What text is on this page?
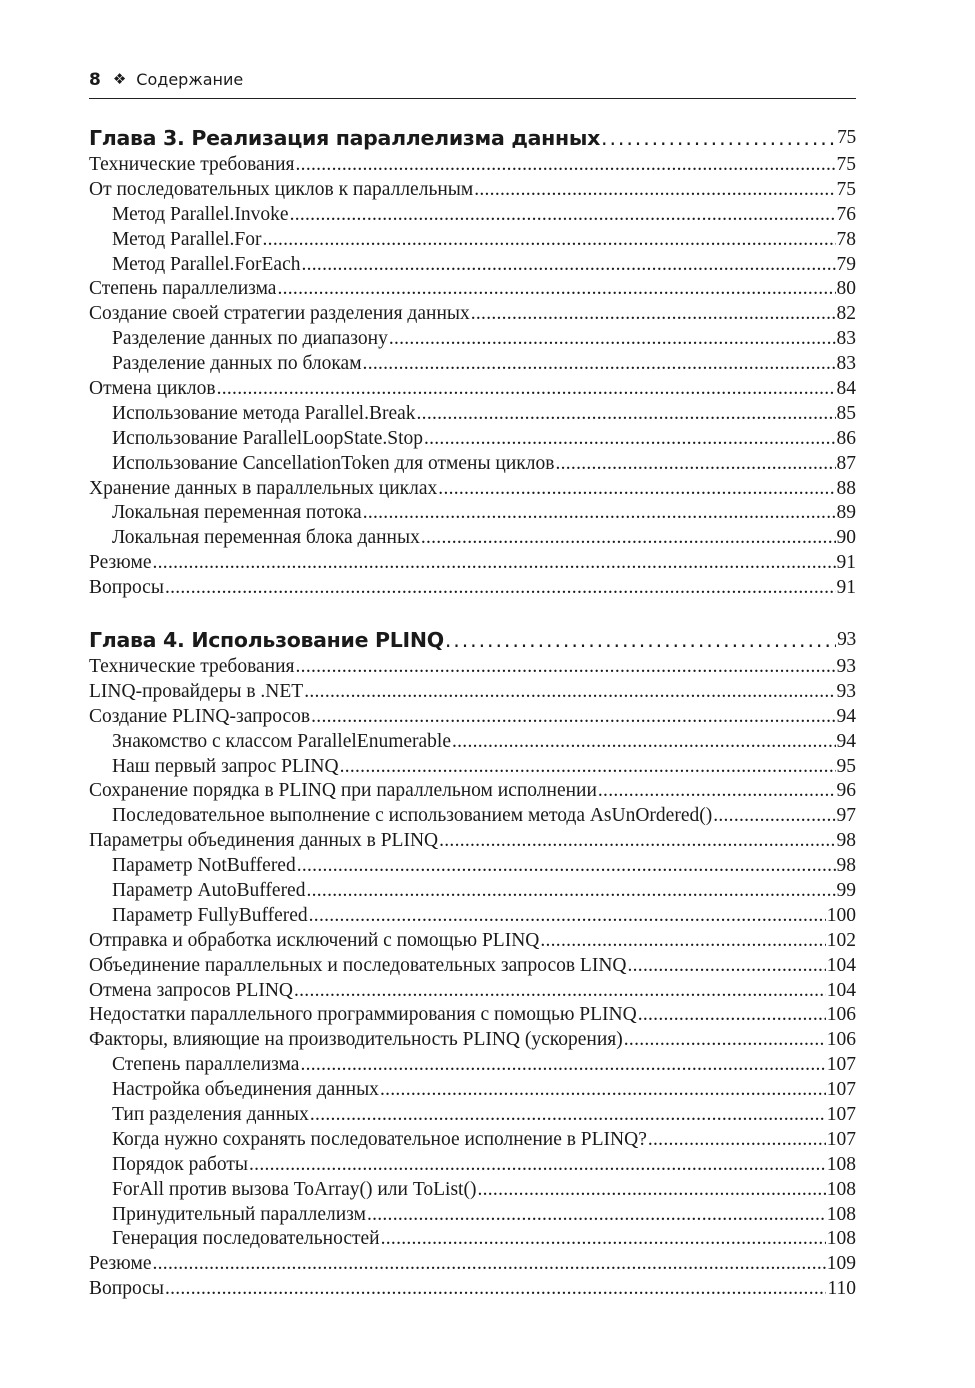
8 ❖ Содержание
Глава 3. Реализация параллелизма данных . . .	75
Технические требования . . .	75
От последовательных циклов к параллельным . . .	75
Метод Parallel.Invoke . . .	76
Метод Parallel.For . . .	78
Метод Parallel.ForEach . . .	79
Степень параллелизма . . .	80
Создание своей стратегии разделения данных . . .	82
Разделение данных по диапазону . . .	83
Разделение данных по блокам . . .	83
Отмена циклов . . .	84
Использование метода Parallel.Break . . .	85
Использование ParallelLoopState.Stop . . .	86
Использование CancellationToken для отмены циклов . . .	87
Хранение данных в параллельных циклах . . .	88
Локальная переменная потока . . .	89
Локальная переменная блока данных . . .	90
Резюме . . .	91
Вопросы . . .	91
Глава 4. Использование PLINQ . . .	93
Технические требования . . .	93
LINQ-провайдеры в .NET . . .	93
Создание PLINQ-запросов . . .	94
Знакомство с классом ParallelEnumerable . . .	94
Наш первый запрос PLINQ . . .	95
Сохранение порядка в PLINQ при параллельном исполнении . . .	96
Последовательное выполнение с использованием метода AsUnOrdered() . . .	97
Параметры объединения данных в PLINQ . . .	98
Параметр NotBuffered . . .	98
Параметр AutoBuffered . . .	99
Параметр FullyBuffered . . .	100
Отправка и обработка исключений с помощью PLINQ . . .	102
Объединение параллельных и последовательных запросов LINQ . . .	104
Отмена запросов PLINQ . . .	104
Недостатки параллельного программирования с помощью PLINQ . . .	106
Факторы, влияющие на производительность PLINQ (ускорения) . . .	106
Степень параллелизма . . .	107
Настройка объединения данных . . .	107
Тип разделения данных . . .	107
Когда нужно сохранять последовательное исполнение в PLINQ? . . .	107
Порядок работы . . .	108
ForAll против вызова ToArray() или ToList() . . .	108
Принудительный параллелизм . . .	108
Генерация последовательностей . . .	108
Резюме . . .	109
Вопросы . . .	110
